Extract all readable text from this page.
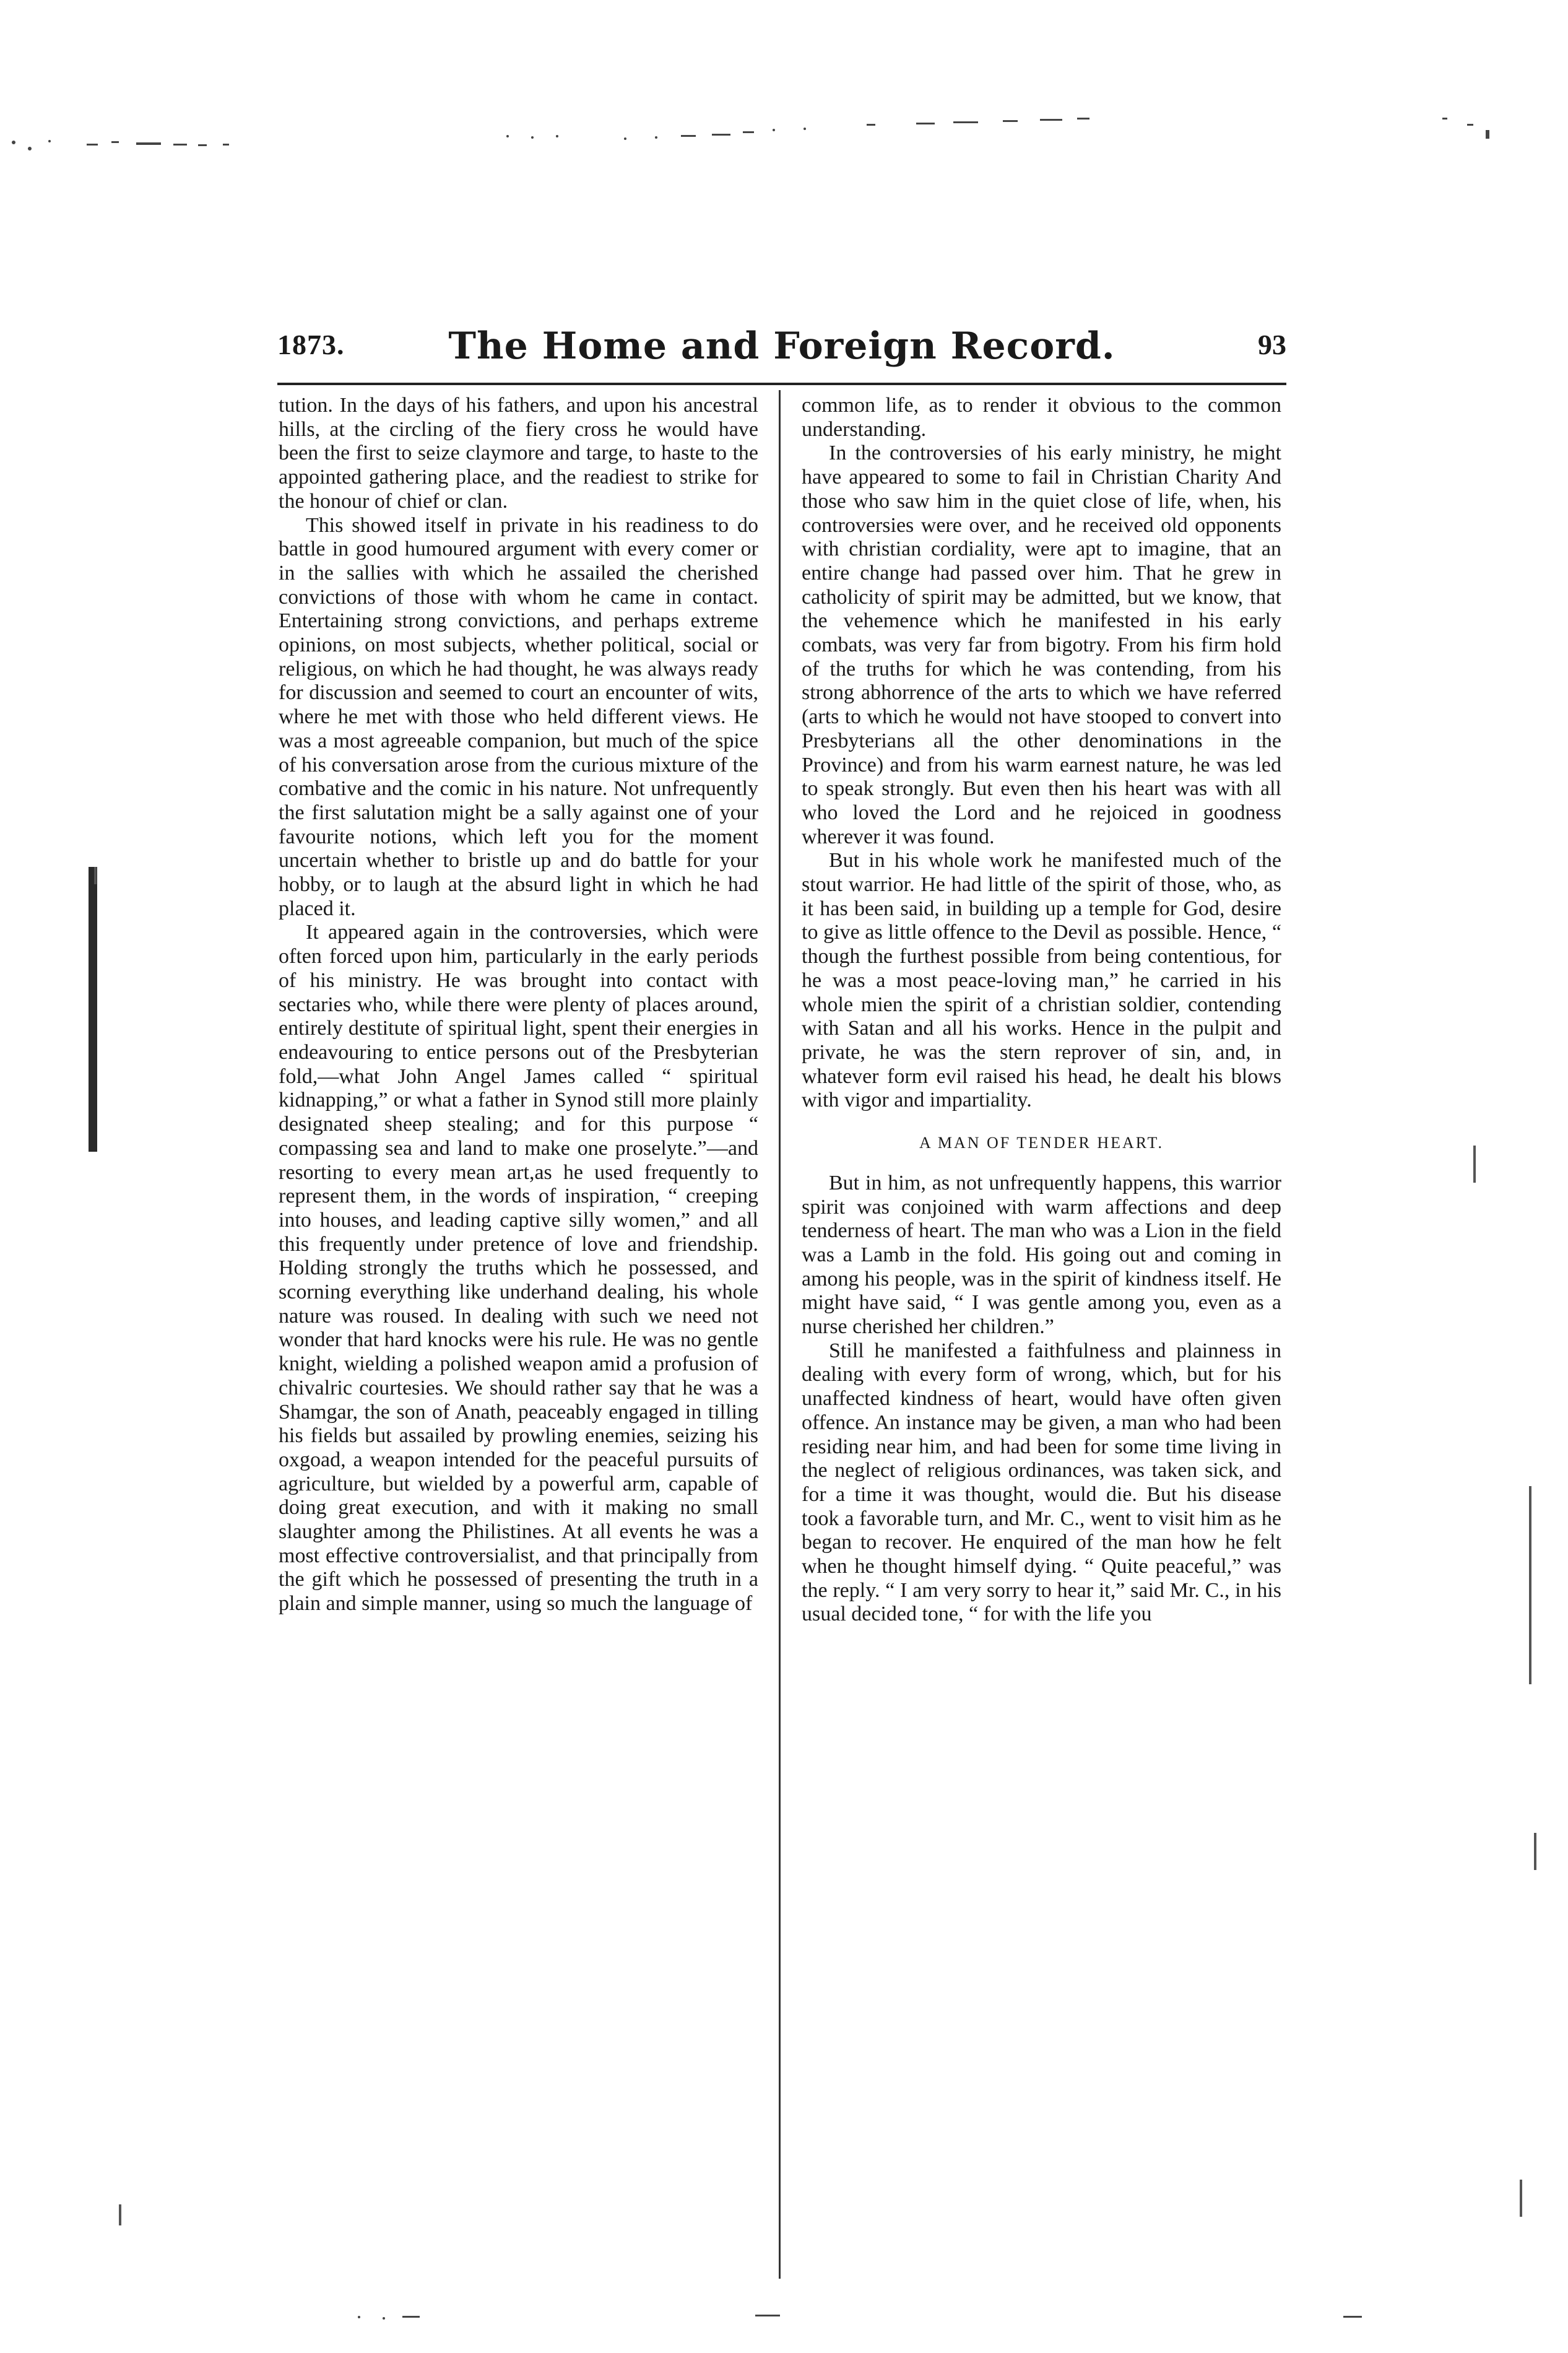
1873.	The Home and Foreign Record.	93

tution. In the days of his fathers, and upon his ancestral hills, at the circling of the fiery cross he would have been the first to seize claymore and targe, to haste to the appointed gathering place, and the readiest to strike for the honour of chief or clan.

This showed itself in private in his readiness to do battle in good humoured argument with every comer or in the sallies with which he assailed the cherished convictions of those with whom he came in contact. Entertaining strong convictions, and perhaps extreme opinions, on most subjects, whether political, social or religious, on which he had thought, he was always ready for discussion and seemed to court an encounter of wits, where he met with those who held different views. He was a most agreeable companion, but much of the spice of his conversation arose from the curious mixture of the combative and the comic in his nature. Not unfrequently the first salutation might be a sally against one of your favourite notions, which left you for the moment uncertain whether to bristle up and do battle for your hobby, or to laugh at the absurd light in which he had placed it.

It appeared again in the controversies, which were often forced upon him, particularly in the early periods of his ministry. He was brought into contact with sectaries who, while there were plenty of places around, entirely destitute of spiritual light, spent their energies in endeavouring to entice persons out of the Presbyterian fold,—what John Angel James called “ spiritual kidnapping,” or what a father in Synod still more plainly designated sheep stealing; and for this purpose “ compassing sea and land to make one proselyte.”—and resorting to every mean art,as he used frequently to represent them, in the words of inspiration, “ creeping into houses, and leading captive silly women,” and all this frequently under pretence of love and friendship. Holding strongly the truths which he possessed, and scorning everything like underhand dealing, his whole nature was roused. In dealing with such we need not wonder that hard knocks were his rule. He was no gentle knight, wielding a polished weapon amid a profusion of chivalric courtesies. We should rather say that he was a Shamgar, the son of Anath, peaceably engaged in tilling his fields but assailed by prowling enemies, seizing his oxgoad, a weapon intended for the peaceful pursuits of agriculture, but wielded by a powerful arm, capable of doing great execution, and with it making no small slaughter among the Philistines. At all events he was a most effective controversialist, and that principally from the gift which he possessed of presenting the truth in a plain and simple manner, using so much the language of

common life, as to render it obvious to the common understanding.

In the controversies of his early ministry, he might have appeared to some to fail in Christian Charity And those who saw him in the quiet close of life, when, his controversies were over, and he received old opponents with christian cordiality, were apt to imagine, that an entire change had passed over him. That he grew in catholicity of spirit may be admitted, but we know, that the vehemence which he manifested in his early combats, was very far from bigotry. From his firm hold of the truths for which he was contending, from his strong abhorrence of the arts to which we have referred (arts to which he would not have stooped to convert into Presbyterians all the other denominations in the Province) and from his warm earnest nature, he was led to speak strongly. But even then his heart was with all who loved the Lord and he rejoiced in goodness wherever it was found.

But in his whole work he manifested much of the stout warrior. He had little of the spirit of those, who, as it has been said, in building up a temple for God, desire to give as little offence to the Devil as possible. Hence, “ though the furthest possible from being contentious, for he was a most peace-loving man,” he carried in his whole mien the spirit of a christian soldier, contending with Satan and all his works. Hence in the pulpit and private, he was the stern reprover of sin, and, in whatever form evil raised his head, he dealt his blows with vigor and impartiality.

A MAN OF TENDER HEART.

But in him, as not unfrequently happens, this warrior spirit was conjoined with warm affections and deep tenderness of heart. The man who was a Lion in the field was a Lamb in the fold. His going out and coming in among his people, was in the spirit of kindness itself. He might have said, “ I was gentle among you, even as a nurse cherished her children.”

Still he manifested a faithfulness and plainness in dealing with every form of wrong, which, but for his unaffected kindness of heart, would have often given offence. An instance may be given, a man who had been residing near him, and had been for some time living in the neglect of religious ordinances, was taken sick, and for a time it was thought, would die. But his disease took a favorable turn, and Mr. C., went to visit him as he began to recover. He enquired of the man how he felt when he thought himself dying. “ Quite peaceful,” was the reply. “ I am very sorry to hear it,” said Mr. C., in his usual decided tone, “ for with the life you
